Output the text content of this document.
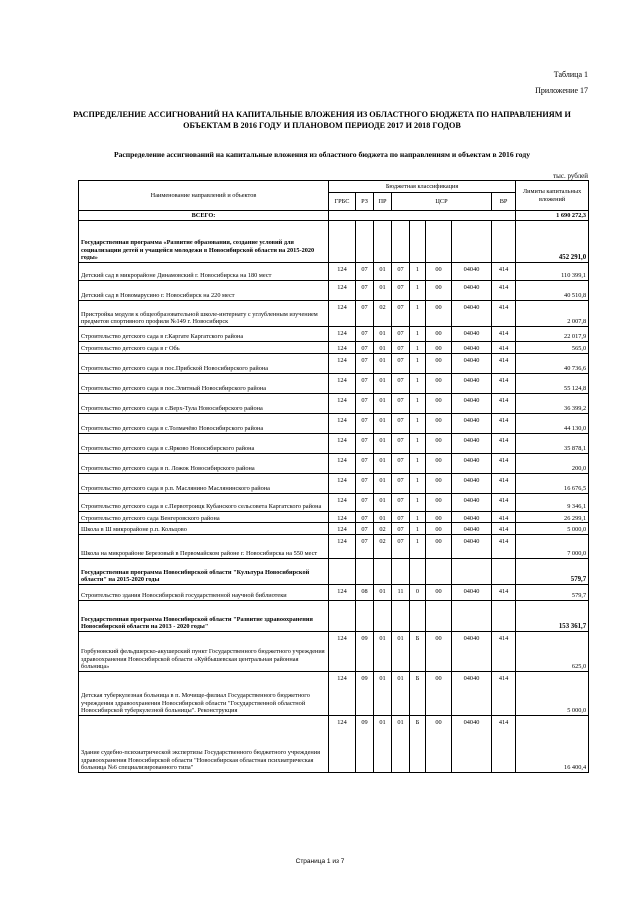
Таблица 1
Приложение 17
РАСПРЕДЕЛЕНИЕ АССИГНОВАНИЙ НА КАПИТАЛЬНЫЕ ВЛОЖЕНИЯ ИЗ ОБЛАСТНОГО БЮДЖЕТА ПО НАПРАВЛЕНИЯМ И ОБЪЕКТАМ В 2016 ГОДУ И ПЛАНОВОМ ПЕРИОДЕ 2017 И 2018 ГОДОВ
Распределение ассигнований на капитальные вложения из областного бюджета по направлениям и объектам в 2016 году
тыс. рублей
Наименование направлений и объектов	Бюджетная классификация								Лимиты капитальных вложений
	ГРБС	РЗ	ПР	ЦСР				ВР	
ВСЕГО:									1 690 272,3
Государственная программа «Развитие образования, создание условий для социализации детей и учащейся молодежи в Новосибирской области на 2015-2020 годы»									452 291,0
Детский сад в микрорайоне Динамовский г. Новосибирска на 180 мест	124	07	01	07	1	00	04040	414	110 399,1
Детский сад в Новомарусино г. Новосибирск на 220 мест	124	07	01	07	1	00	04040	414	40 510,8
Пристройка модуля к общеобразовательной школе-интернату с углубленным изучением предметов спортивного профиля №149 г. Новосибирск	124	07	02	07	1	00	04040	414	2 007,8
Строительство детского сада в г.Каргате Каргатского района	124	07	01	07	1	00	04040	414	22 017,9
Строительство детского сада в г Обь	124	07	01	07	1	00	04040	414	565,0
Строительство детского сада в пос.Прибской Новосибирского района	124	07	01	07	1	00	04040	414	40 736,6
Строительство детского сада в пос.Элитный Новосибирского района	124	07	01	07	1	00	04040	414	55 124,8
Строительство детского сада в с.Верх-Тула Новосибирского района	124	07	01	07	1	00	04040	414	36 399,2
Строительство детского сада в с.Толмачёво Новосибирского района	124	07	01	07	1	00	04040	414	44 130,0
Строительство детского сада в с.Ярково Новосибирского района	124	07	01	07	1	00	04040	414	35 878,1
Строительство детского сада в п. Ложок Новосибирского района	124	07	01	07	1	00	04040	414	200,0
Строительство детского сада в р.п. Маслянино Маслянинского района	124	07	01	07	1	00	04040	414	16 676,5
Строительство детского сада в с.Первотроицк Кубанского сельсовета Каргатского района	124	07	01	07	1	00	04040	414	9 346,1
Строительство детского сада Венгеровского района	124	07	01	07	1	00	04040	414	26 299,1
Школа в Ш микрорайоне р.п. Кольцово	124	07	02	07	1	00	04040	414	5 000,0
Школа на микрорайоне Березовый в Первомайском районе г. Новосибирска на 550 мест	124	07	02	07	1	00	04040	414	7 000,0
Государственная программа Новосибирской области "Культура Новосибирской области" на 2015-2020 годы									579,7
Строительство здания Новосибирской государственной научной библиотеки	124	08	01	11	0	00	04040	414	579,7
Государственная программа Новосибирской области "Развитие здравоохранения Новосибирской области на 2013 - 2020 годы"									153 361,7
Горбуновский фельдшерско-акушерский пункт Государственного бюджетного учреждения здравоохранения Новосибирской области «Куйбышевская центральная районная больница»	124	09	01	01	Б	00	04040	414	625,0
Детская туберкулезная больница в п. Мочище-филиал Государственного бюджетного учреждения здравоохранения Новосибирской области "Государственной областной Новосибирской туберкулезной больницы". Реконструкция	124	09	01	01	Б	00	04040	414	5 000,0
Здание судебно-психиатрической экспертизы Государственного бюджетного учреждения здравоохранения Новосибирской области "Новосибирская областная психиатрическая больница №6 специализированного типа"	124	09	01	01	Б	00	04040	414	16 400,4
Страница 1 из 7
